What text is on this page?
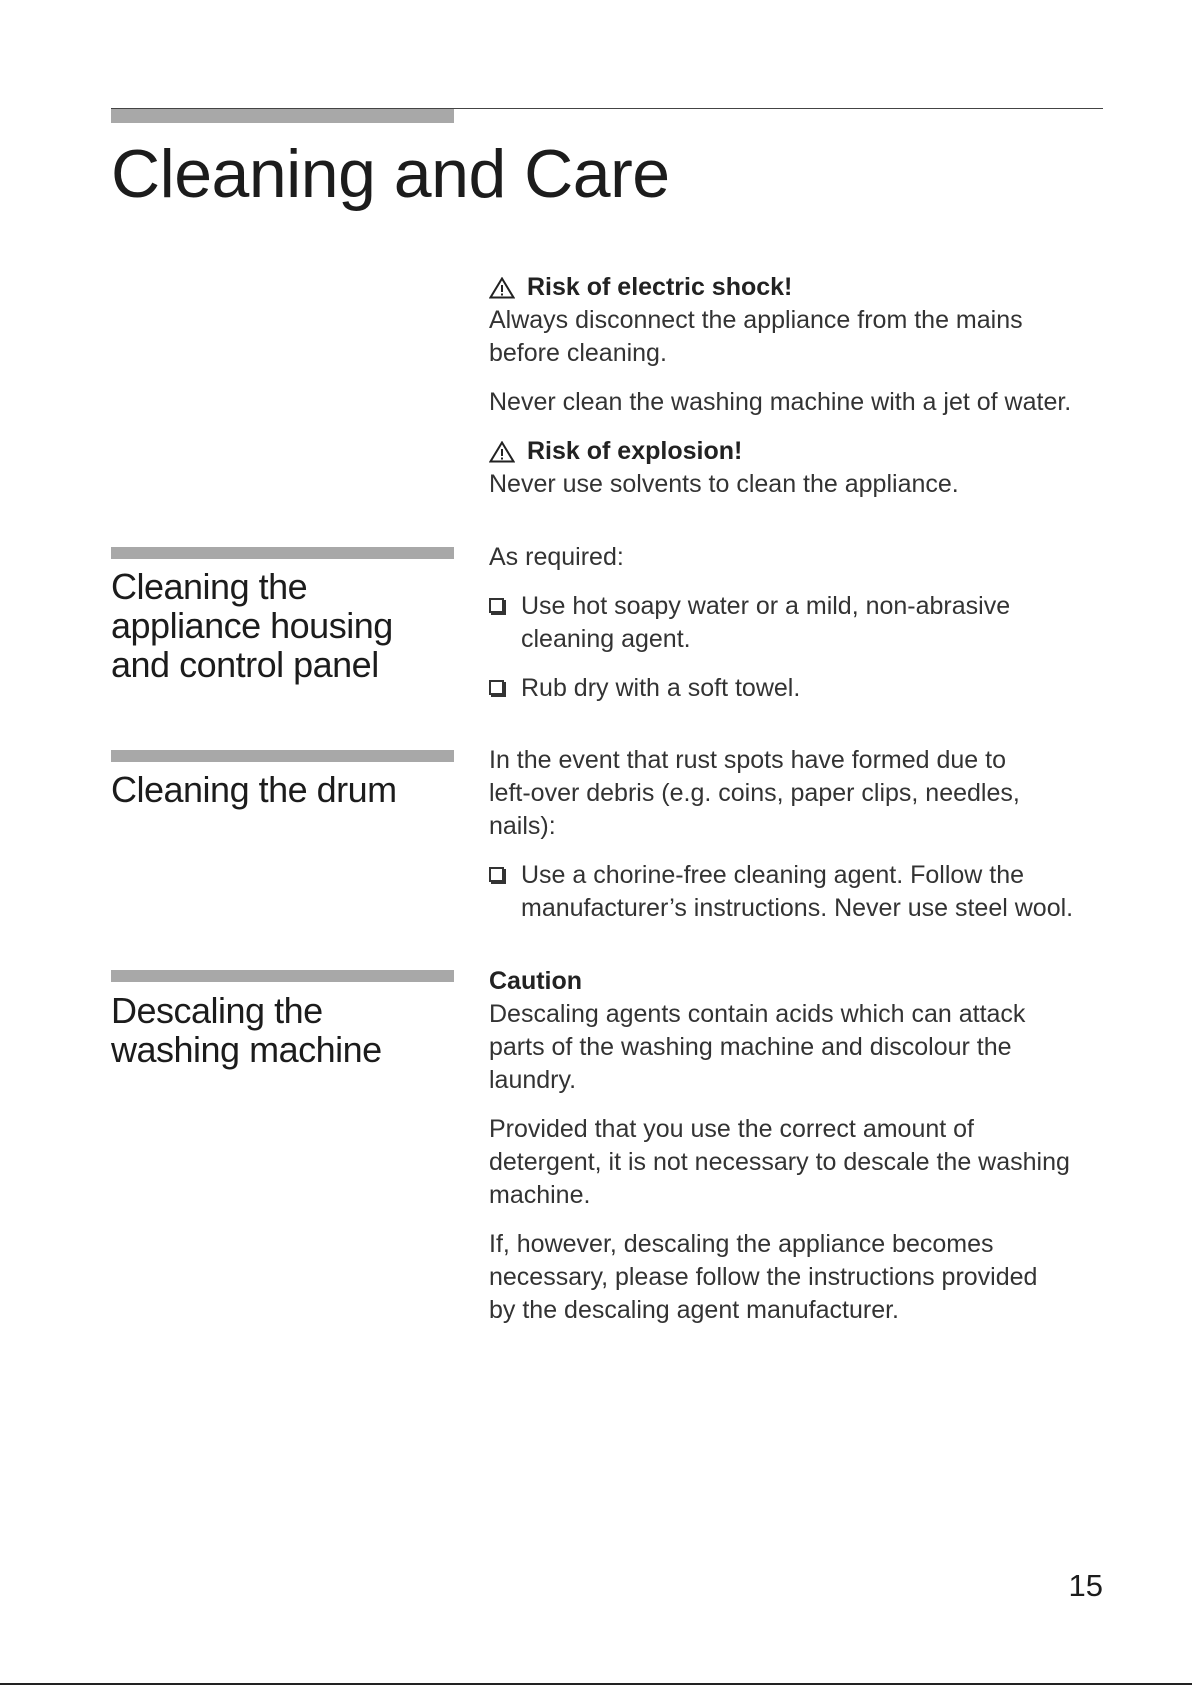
Cleaning and Care
Risk of electric shock!

Always disconnect the appliance from the mains before cleaning.

Never clean the washing machine with a jet of water.

Risk of explosion!

Never use solvents to clean the appliance.

Cleaning the appliance housing and control panel

As required:

Use hot soapy water or a mild, non-abrasive cleaning agent.
Rub dry with a soft towel.
Cleaning the drum

In the event that rust spots have formed due to left-over debris (e.g. coins, paper clips, needles, nails):

Use a chorine-free cleaning agent. Follow the manufacturer’s instructions. Never use steel wool.
Descaling the washing machine
Caution

Descaling agents contain acids which can attack parts of the washing machine and discolour the laundry.

Provided that you use the correct amount of detergent, it is not necessary to descale the washing machine.

If, however, descaling the appliance becomes necessary, please follow the instructions provided by the descaling agent manufacturer.

15
